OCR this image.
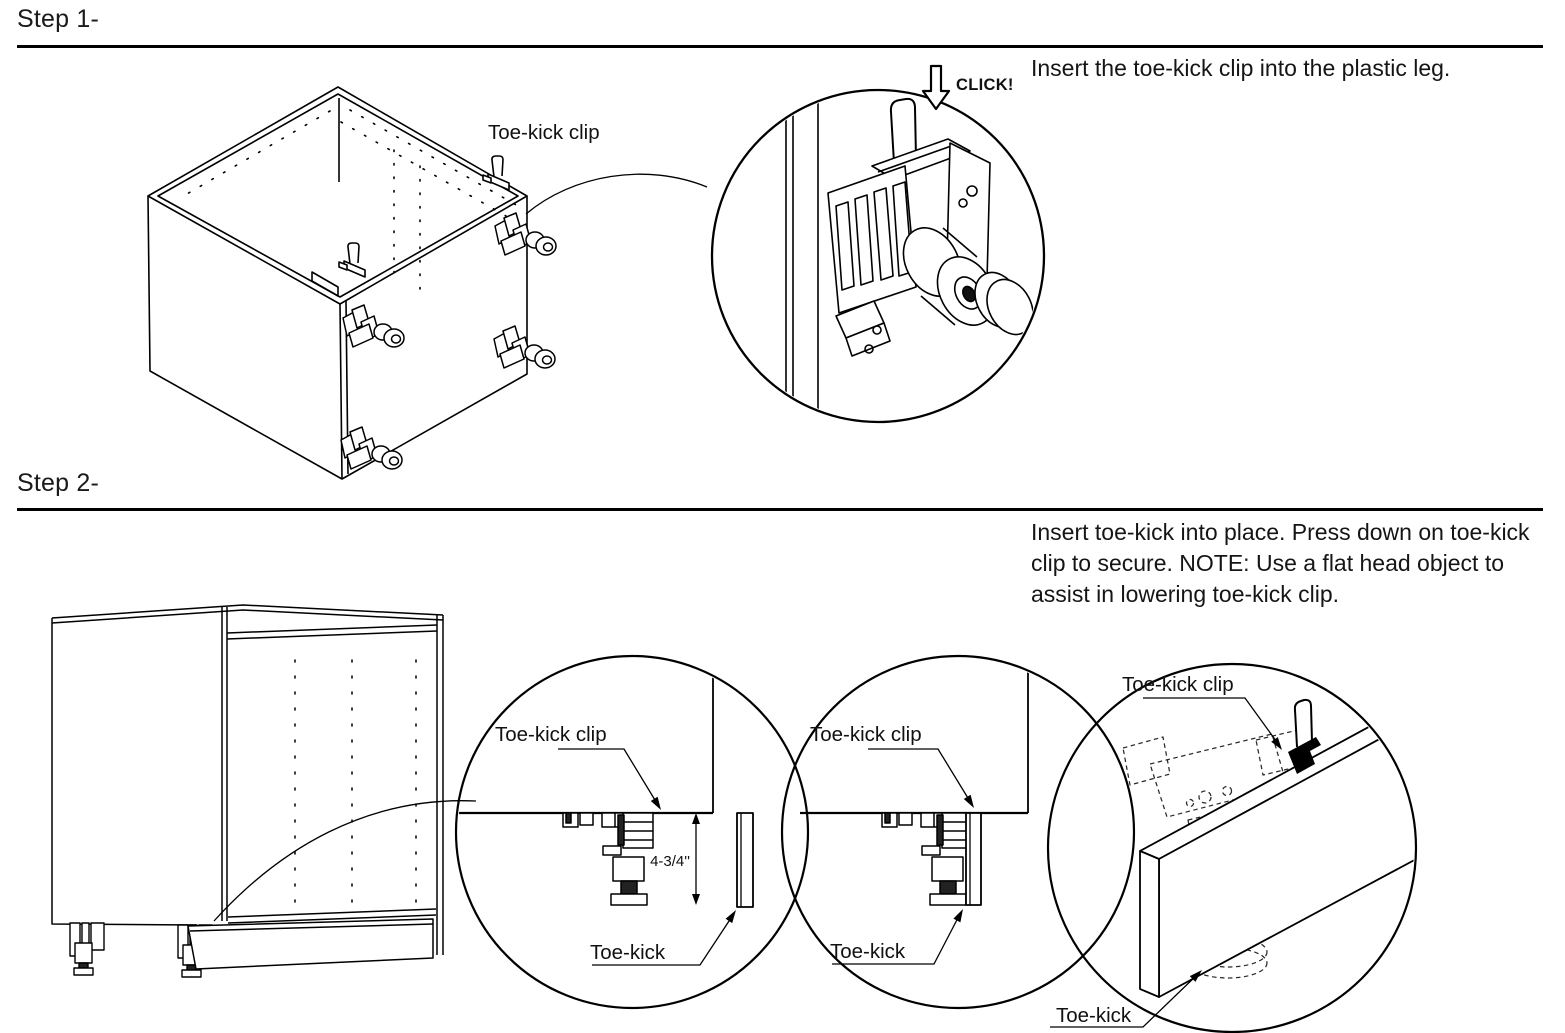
Step 1-
Insert the toe-kick clip into the plastic leg.
Step 2-
Insert toe-kick into place. Press down on toe-kick clip to secure. NOTE: Use a flat head object to assist in lowering toe-kick clip.
Toe-kick clip
CLICK!
Toe-kick clip
4-3/4''
Toe-kick
Toe-kick clip
Toe-kick
Toe-kick clip
Toe-kick
